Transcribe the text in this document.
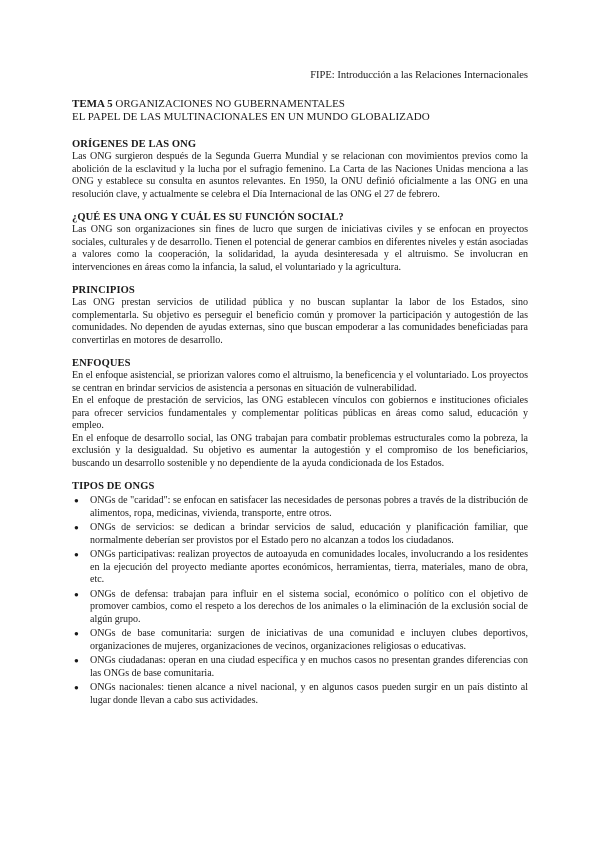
FIPE: Introducción a las Relaciones Internacionales
TEMA 5 ORGANIZACIONES NO GUBERNAMENTALES
EL PAPEL DE LAS MULTINACIONALES EN UN MUNDO GLOBALIZADO
ORÍGENES DE LAS ONG

Las ONG surgieron después de la Segunda Guerra Mundial y se relacionan con movimientos previos como la abolición de la esclavitud y la lucha por el sufragio femenino. La Carta de las Naciones Unidas menciona a las ONG y establece su consulta en asuntos relevantes. En 1950, la ONU definió oficialmente a las ONG en una resolución clave, y actualmente se celebra el Día Internacional de las ONG el 27 de febrero.

¿QUÉ ES UNA ONG Y CUÁL ES SU FUNCIÓN SOCIAL?

Las ONG son organizaciones sin fines de lucro que surgen de iniciativas civiles y se enfocan en proyectos sociales, culturales y de desarrollo. Tienen el potencial de generar cambios en diferentes niveles y están asociadas a valores como la cooperación, la solidaridad, la ayuda desinteresada y el altruismo. Se involucran en intervenciones en áreas como la infancia, la salud, el voluntariado y la agricultura.

PRINCIPIOS

Las ONG prestan servicios de utilidad pública y no buscan suplantar la labor de los Estados, sino complementarla. Su objetivo es perseguir el beneficio común y promover la participación y autogestión de las comunidades. No dependen de ayudas externas, sino que buscan empoderar a las comunidades beneficiadas para convertirlas en motores de desarrollo.

ENFOQUES

En el enfoque asistencial, se priorizan valores como el altruismo, la beneficencia y el voluntariado. Los proyectos se centran en brindar servicios de asistencia a personas en situación de vulnerabilidad.

En el enfoque de prestación de servicios, las ONG establecen vínculos con gobiernos e instituciones oficiales para ofrecer servicios fundamentales y complementar políticas públicas en áreas como salud, educación y empleo.

En el enfoque de desarrollo social, las ONG trabajan para combatir problemas estructurales como la pobreza, la exclusión y la desigualdad. Su objetivo es aumentar la autogestión y el compromiso de los beneficiarios, buscando un desarrollo sostenible y no dependiente de la ayuda condicionada de los Estados.

TIPOS DE ONGS
● ONGs de "caridad": se enfocan en satisfacer las necesidades de personas pobres a través de la distribución de alimentos, ropa, medicinas, vivienda, transporte, entre otros.
● ONGs de servicios: se dedican a brindar servicios de salud, educación y planificación familiar, que normalmente deberían ser provistos por el Estado pero no alcanzan a todos los ciudadanos.
● ONGs participativas: realizan proyectos de autoayuda en comunidades locales, involucrando a los residentes en la ejecución del proyecto mediante aportes económicos, herramientas, tierra, materiales, mano de obra, etc.
● ONGs de defensa: trabajan para influir en el sistema social, económico o político con el objetivo de promover cambios, como el respeto a los derechos de los animales o la eliminación de la exclusión social de algún grupo.
● ONGs de base comunitaria: surgen de iniciativas de una comunidad e incluyen clubes deportivos, organizaciones de mujeres, organizaciones de vecinos, organizaciones religiosas o educativas.
● ONGs ciudadanas: operan en una ciudad específica y en muchos casos no presentan grandes diferencias con las ONGs de base comunitaria.
● ONGs nacionales: tienen alcance a nivel nacional, y en algunos casos pueden surgir en un país distinto al lugar donde llevan a cabo sus actividades.
